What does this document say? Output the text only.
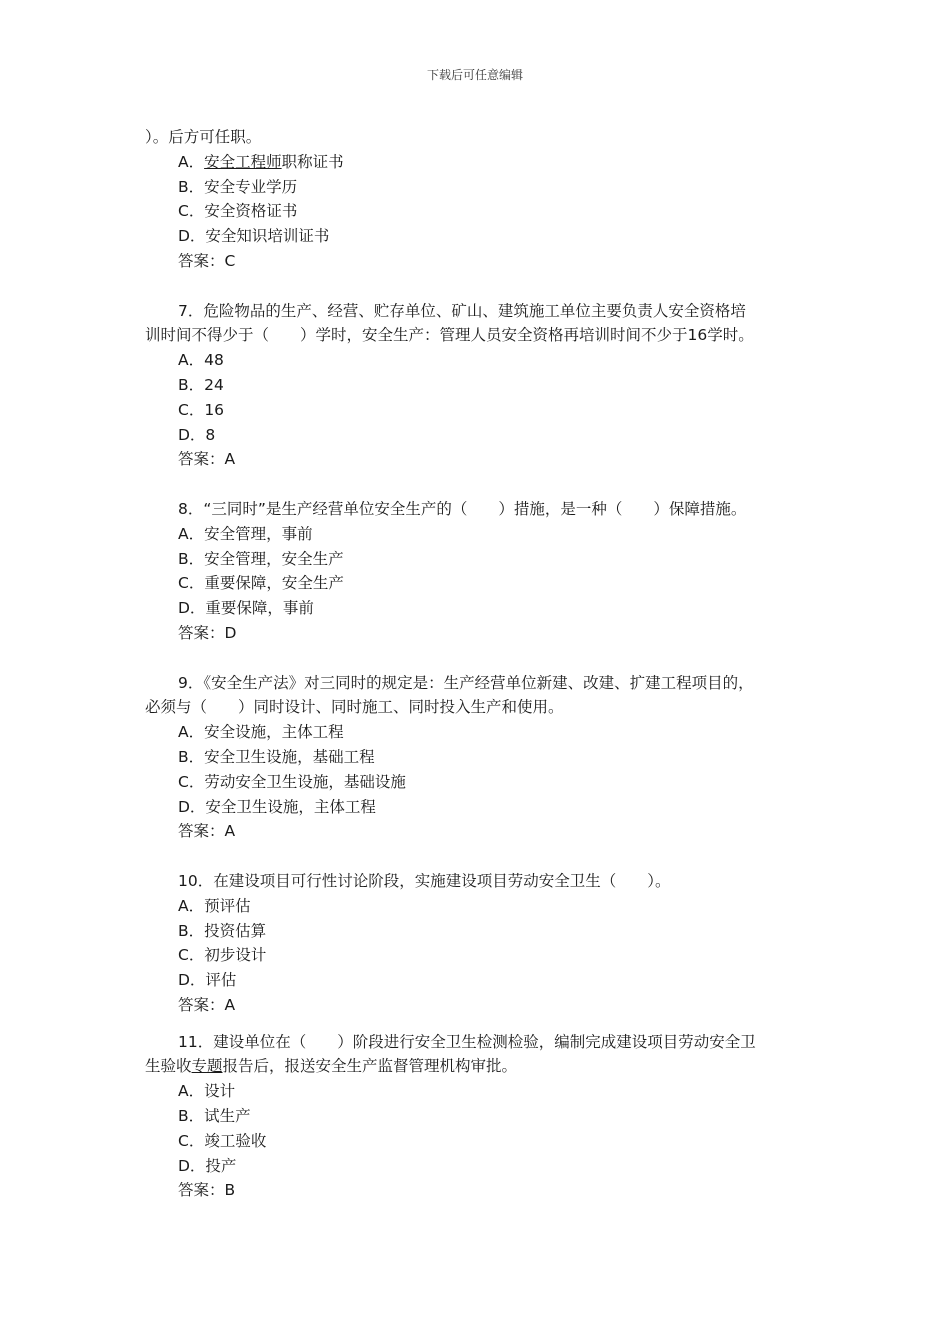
下载后可任意编辑
）。后方可任职。
A．安全工程师职称证书
B．安全专业学历
C．安全资格证书
D．安全知识培训证书
答案：C
7．危险物品的生产、经营、贮存单位、矿山、建筑施工单位主要负责人安全资格培
训时间不得少于（　　）学时，安全生产：管理人员安全资格再培训时间不少于16学时。
A．48
B．24
C．16
D．8
答案：A
8．“三同时”是生产经营单位安全生产的（　　）措施，是一种（　　）保障措施。
A．安全管理，事前
B．安全管理，安全生产
C．重要保障，安全生产
D．重要保障，事前
答案：D
9．《安全生产法》对三同时的规定是：生产经营单位新建、改建、扩建工程项目的，
必须与（　　）同时设计、同时施工、同时投入生产和使用。
A．安全设施，主体工程
B．安全卫生设施，基础工程
C．劳动安全卫生设施，基础设施
D．安全卫生设施，主体工程
答案：A
10．在建设项目可行性讨论阶段，实施建设项目劳动安全卫生（　　）。
A．预评估
B．投资估算
C．初步设计
D．评估
答案：A
11．建设单位在（　　）阶段进行安全卫生检测检验，编制完成建设项目劳动安全卫
生验收专题报告后，报送安全生产监督管理机构审批。
A．设计
B．试生产
C．竣工验收
D．投产
答案：B
